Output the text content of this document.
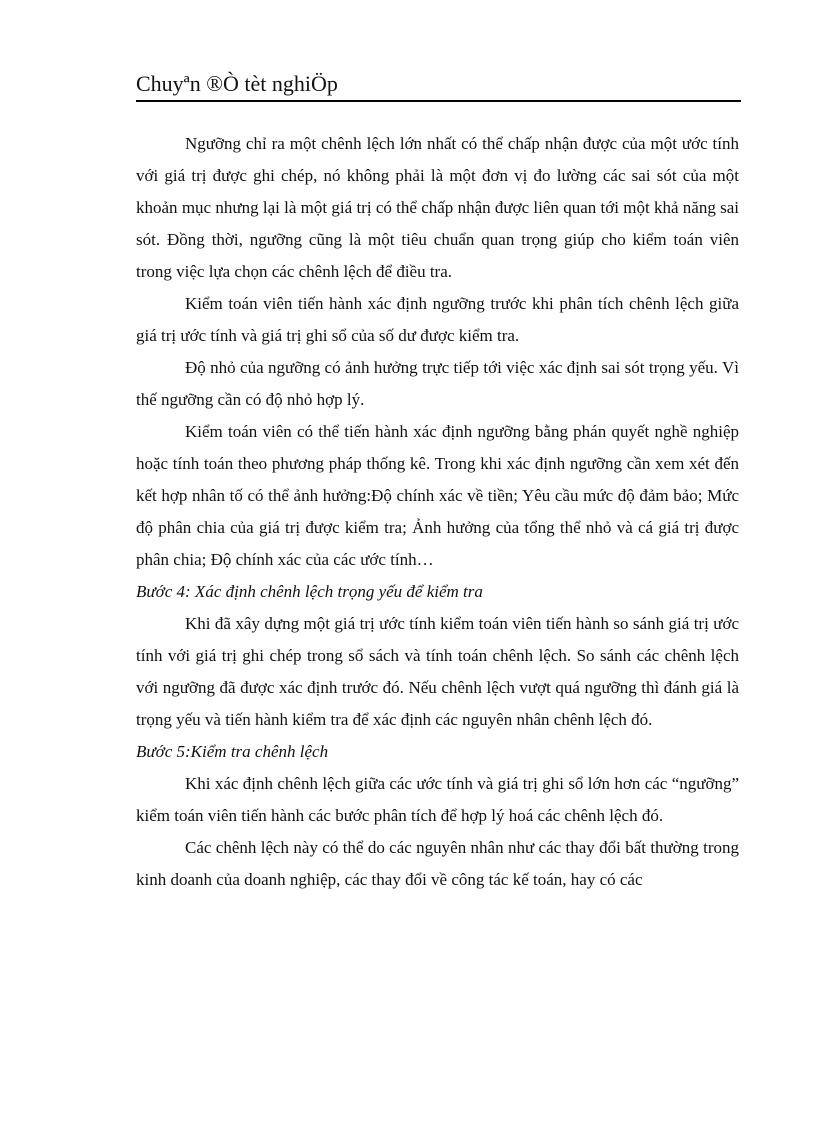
Chuyªn ®Ò tèt nghiÖp

Ngưỡng chỉ ra một chênh lệch lớn nhất có thể chấp nhận được của một ước tính với giá trị được ghi chép, nó không phải là một đơn vị đo lường các sai sót của một khoản mục nhưng lại là một giá trị có thể chấp nhận được liên quan tới một khả năng sai sót. Đồng thời, ngưỡng cũng là một tiêu chuẩn quan trọng giúp cho kiểm toán viên trong việc lựa chọn các chênh lệch để điều tra.

Kiểm toán viên tiến hành xác định ngưỡng trước khi phân tích chênh lệch giữa giá trị ước tính và giá trị ghi sổ của số dư được kiểm tra.

Độ nhỏ của ngưỡng có ảnh hưởng trực tiếp tới việc xác định sai sót trọng yếu. Vì thế ngưỡng cần có độ nhỏ hợp lý.

Kiểm toán viên có thể tiến hành xác định ngưỡng bằng phán quyết nghề nghiệp hoặc tính toán theo phương pháp thống kê. Trong khi xác định ngưỡng cần xem xét đến kết hợp nhân tố có thể ảnh hưởng:Độ chính xác về tiền; Yêu cầu mức độ đảm bảo; Mức độ phân chia của giá trị được kiểm tra; Ảnh hưởng của tổng thể nhỏ và cá giá trị được phân chia; Độ chính xác của các ước tính…

Bước 4: Xác định chênh lệch trọng yếu để kiểm tra

Khi đã xây dựng một giá trị ước tính kiểm toán viên tiến hành so sánh giá trị ước tính với giá trị ghi chép trong sổ sách và tính toán chênh lệch. So sánh các chênh lệch với ngưỡng đã được xác định trước đó. Nếu chênh lệch vượt quá ngưỡng thì đánh giá là trọng yếu và tiến hành kiểm tra để xác định các nguyên nhân chênh lệch đó.

Bước 5:Kiểm tra chênh lệch

Khi xác định chênh lệch giữa các ước tính và giá trị ghi sổ lớn hơn các “ngưỡng” kiểm toán viên tiến hành các bước phân tích để hợp lý hoá các chênh lệch đó.

Các chênh lệch này có thể do các nguyên nhân như các thay đổi bất thường trong kinh doanh của doanh nghiệp, các thay đổi về công tác kế toán, hay có các
